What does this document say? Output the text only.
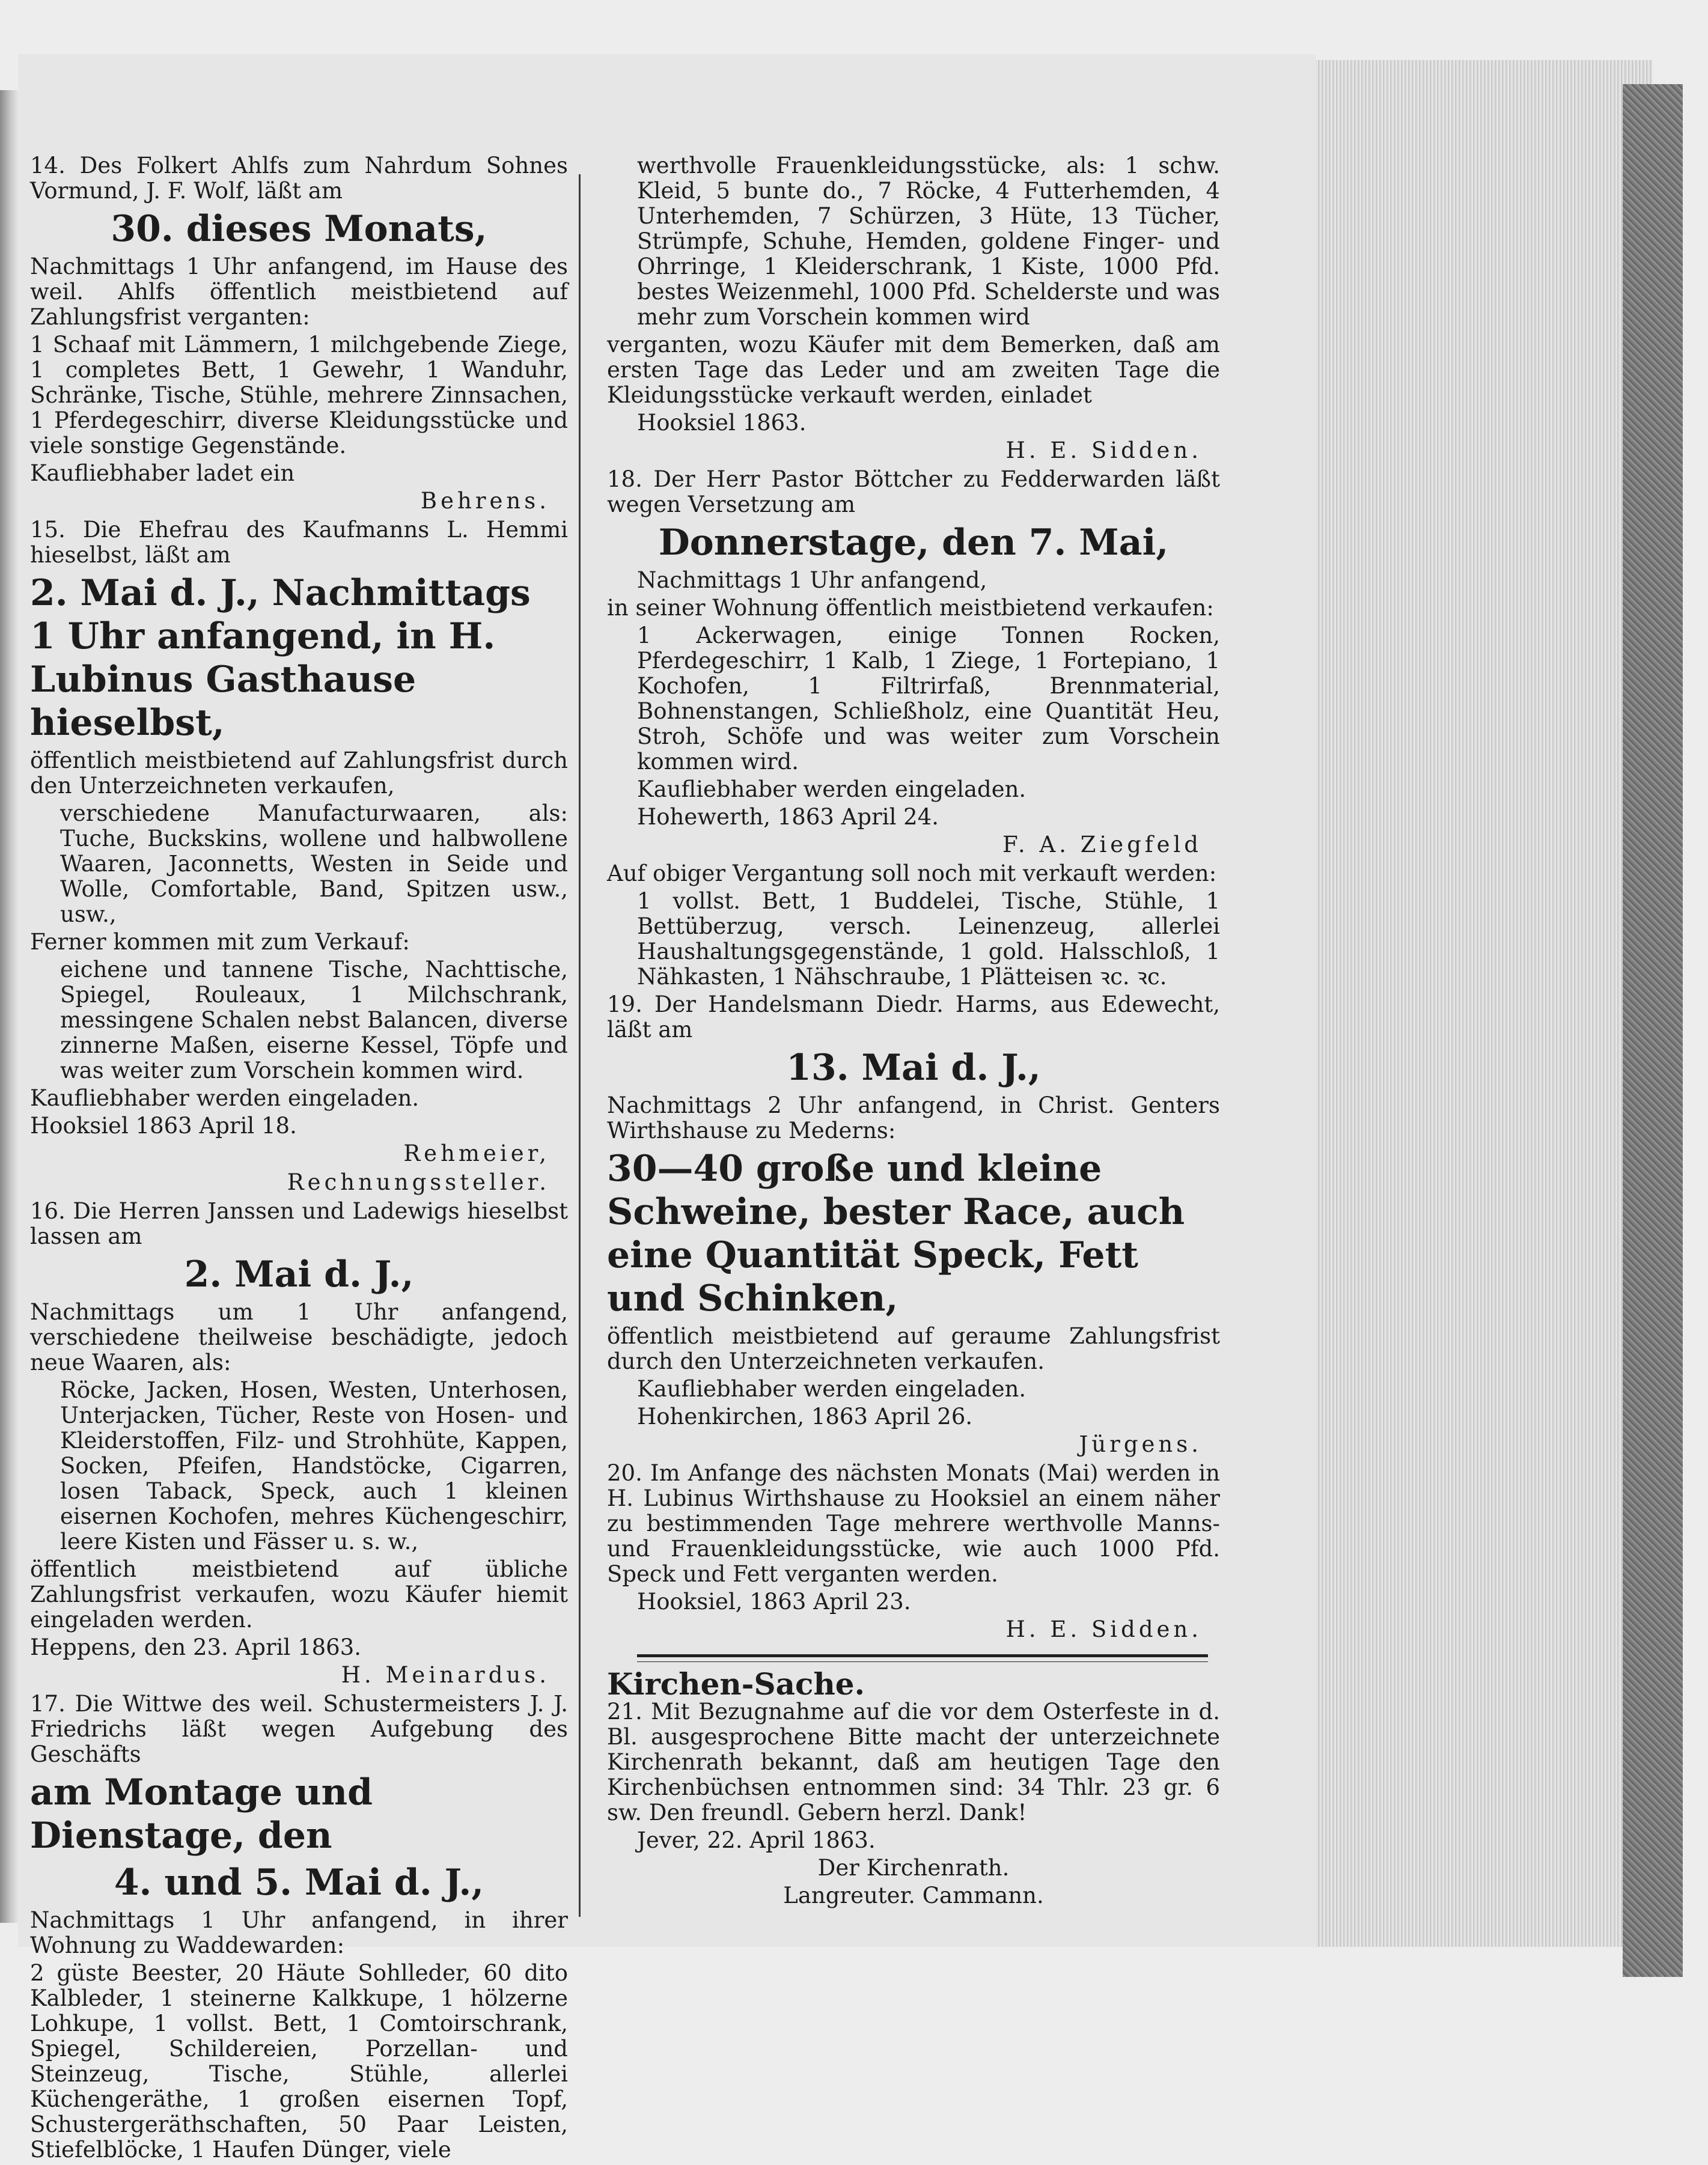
14. Des Folkert Ahlfs zum Nahrdum Sohnes Vormund, J. F. Wolf, läßt am

30. dieses Monats,

Nachmittags 1 Uhr anfangend, im Hause des weil. Ahlfs öffentlich meistbietend auf Zahlungsfrist verganten:

1 Schaaf mit Lämmern, 1 milchgebende Ziege, 1 completes Bett, 1 Gewehr, 1 Wanduhr, Schränke, Tische, Stühle, mehrere Zinnsachen, 1 Pferdegeschirr, diverse Kleidungsstücke und viele sonstige Gegenstände.

Kaufliebhaber ladet ein

Behrens.

15. Die Ehefrau des Kaufmanns L. Hemmi hieselbst, läßt am

2. Mai d. J., Nachmittags 1 Uhr anfangend, in H. Lubinus Gasthause hieselbst,

öffentlich meistbietend auf Zahlungsfrist durch den Unterzeichneten verkaufen,

verschiedene Manufacturwaaren, als: Tuche, Buckskins, wollene und halbwollene Waaren, Jaconnetts, Westen in Seide und Wolle, Comfortable, Band, Spitzen usw., usw.,

Ferner kommen mit zum Verkauf:

eichene und tannene Tische, Nachttische, Spiegel, Rouleaux, 1 Milchschrank, messingene Schalen nebst Balancen, diverse zinnerne Maßen, eiserne Kessel, Töpfe und was weiter zum Vorschein kommen wird.

Kaufliebhaber werden eingeladen.

Hooksiel 1863 April 18.

Rehmeier,

Rechnungssteller.

16. Die Herren Janssen und Ladewigs hieselbst lassen am

2. Mai d. J.,

Nachmittags um 1 Uhr anfangend, verschiedene theilweise beschädigte, jedoch neue Waaren, als:

Röcke, Jacken, Hosen, Westen, Unterhosen, Unterjacken, Tücher, Reste von Hosen- und Kleiderstoffen, Filz- und Strohhüte, Kappen, Socken, Pfeifen, Handstöcke, Cigarren, losen Taback, Speck, auch 1 kleinen eisernen Kochofen, mehres Küchengeschirr, leere Kisten und Fässer u. s. w.,

öffentlich meistbietend auf übliche Zahlungsfrist verkaufen, wozu Käufer hiemit eingeladen werden.

Heppens, den 23. April 1863.

H. Meinardus.

17. Die Wittwe des weil. Schustermeisters J. J. Friedrichs läßt wegen Aufgebung des Geschäfts

am Montage und Dienstage, den

4. und 5. Mai d. J.,

Nachmittags 1 Uhr anfangend, in ihrer Wohnung zu Waddewarden:

2 güste Beester, 20 Häute Sohlleder, 60 dito Kalbleder, 1 steinerne Kalkkupe, 1 hölzerne Lohkupe, 1 vollst. Bett, 1 Comtoirschrank, Spiegel, Schildereien, Porzellan- und Steinzeug, Tische, Stühle, allerlei Küchengeräthe, 1 großen eisernen Topf, Schustergeräthschaften, 50 Paar Leisten, Stiefelblöcke, 1 Haufen Dünger, viele

werthvolle Frauenkleidungsstücke, als: 1 schw. Kleid, 5 bunte do., 7 Röcke, 4 Futterhemden, 4 Unterhemden, 7 Schürzen, 3 Hüte, 13 Tücher, Strümpfe, Schuhe, Hemden, goldene Finger- und Ohrringe, 1 Kleiderschrank, 1 Kiste, 1000 Pfd. bestes Weizenmehl, 1000 Pfd. Schelderste und was mehr zum Vorschein kommen wird

verganten, wozu Käufer mit dem Bemerken, daß am ersten Tage das Leder und am zweiten Tage die Kleidungsstücke verkauft werden, einladet

Hooksiel 1863.

H. E. Sidden.

18. Der Herr Pastor Böttcher zu Fedderwarden läßt wegen Versetzung am

Donnerstage, den 7. Mai,

Nachmittags 1 Uhr anfangend,

in seiner Wohnung öffentlich meistbietend verkaufen:

1 Ackerwagen, einige Tonnen Rocken, Pferdegeschirr, 1 Kalb, 1 Ziege, 1 Fortepiano, 1 Kochofen, 1 Filtrirfaß, Brennmaterial, Bohnenstangen, Schließholz, eine Quantität Heu, Stroh, Schöfe und was weiter zum Vorschein kommen wird.

Kaufliebhaber werden eingeladen.

Hohewerth, 1863 April 24.

F. A. Ziegfeld

Auf obiger Vergantung soll noch mit verkauft werden:

1 vollst. Bett, 1 Buddelei, Tische, Stühle, 1 Bettüberzug, versch. Leinenzeug, allerlei Haushaltungsgegenstände, 1 gold. Halsschloß, 1 Nähkasten, 1 Nähschraube, 1 Plätteisen ꝛc. ꝛc.

19. Der Handelsmann Diedr. Harms, aus Edewecht, läßt am

13. Mai d. J.,

Nachmittags 2 Uhr anfangend, in Christ. Genters Wirthshause zu Mederns:

30—40 große und kleine Schweine, bester Race, auch eine Quantität Speck, Fett und Schinken,

öffentlich meistbietend auf geraume Zahlungsfrist durch den Unterzeichneten verkaufen.

Kaufliebhaber werden eingeladen.

Hohenkirchen, 1863 April 26.

Jürgens.

20. Im Anfange des nächsten Monats (Mai) werden in H. Lubinus Wirthshause zu Hooksiel an einem näher zu bestimmenden Tage mehrere werthvolle Manns- und Frauenkleidungsstücke, wie auch 1000 Pfd. Speck und Fett verganten werden.

Hooksiel, 1863 April 23.

H. E. Sidden.

Kirchen-Sache.

21. Mit Bezugnahme auf die vor dem Osterfeste in d. Bl. ausgesprochene Bitte macht der unterzeichnete Kirchenrath bekannt, daß am heutigen Tage den Kirchenbüchsen entnommen sind: 34 Thlr. 23 gr. 6 sw. Den freundl. Gebern herzl. Dank!

Jever, 22. April 1863.

Der Kirchenrath.

Langreuter. Cammann.
